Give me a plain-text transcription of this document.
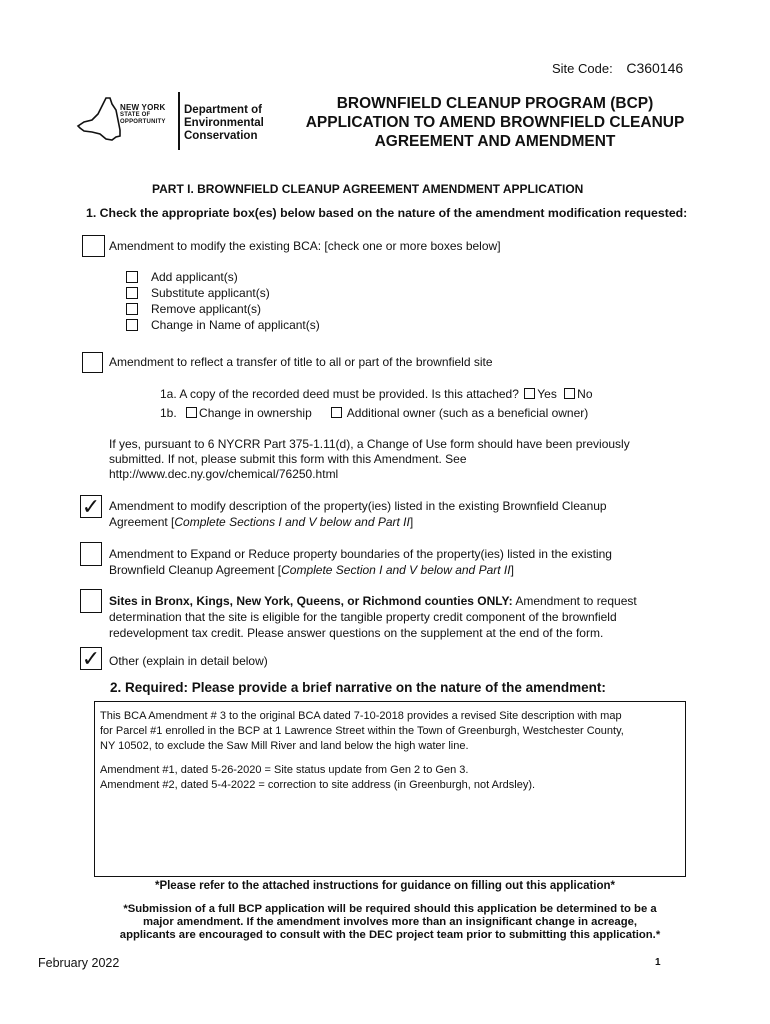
Site Code: C360146
NEW YORK
STATE OF
OPPORTUNITY
Department of
Environmental
Conservation
BROWNFIELD CLEANUP PROGRAM (BCP)
APPLICATION TO AMEND BROWNFIELD CLEANUP
AGREEMENT AND AMENDMENT
PART I. BROWNFIELD CLEANUP AGREEMENT AMENDMENT APPLICATION
1. Check the appropriate box(es) below based on the nature of the amendment modification requested:
Amendment to modify the existing BCA: [check one or more boxes below]
Add applicant(s)
Substitute applicant(s)
Remove applicant(s)
Change in Name of applicant(s)
Amendment to reflect a transfer of title to all or part of the brownfield site
1a. A copy of the recorded deed must be provided. Is this attached? Yes No
1b. Change in ownership	Additional owner (such as a beneficial owner)
If yes, pursuant to 6 NYCRR Part 375-1.11(d), a Change of Use form should have been previously
submitted. If not, please submit this form with this Amendment. See
http://www.dec.ny.gov/chemical/76250.html
✓ Amendment to modify description of the property(ies) listed in the existing Brownfield Cleanup
Agreement [Complete Sections I and V below and Part II]
Amendment to Expand or Reduce property boundaries of the property(ies) listed in the existing
Brownfield Cleanup Agreement [Complete Section I and V below and Part II]
Sites in Bronx, Kings, New York, Queens, or Richmond counties ONLY: Amendment to request
determination that the site is eligible for the tangible property credit component of the brownfield
redevelopment tax credit. Please answer questions on the supplement at the end of the form.
✓ Other (explain in detail below)
2. Required: Please provide a brief narrative on the nature of the amendment:
This BCA Amendment # 3 to the original BCA dated 7-10-2018 provides a revised Site description with map
for Parcel #1 enrolled in the BCP at 1 Lawrence Street within the Town of Greenburgh, Westchester County,
NY 10502, to exclude the Saw Mill River and land below the high water line.
Amendment #1, dated 5-26-2020 = Site status update from Gen 2 to Gen 3.
Amendment #2, dated 5-4-2022 = correction to site address (in Greenburgh, not Ardsley).
*Please refer to the attached instructions for guidance on filling out this application*
*Submission of a full BCP application will be required should this application be determined to be a
major amendment. If the amendment involves more than an insignificant change in acreage,
applicants are encouraged to consult with the DEC project team prior to submitting this application.*
February 2022	1
